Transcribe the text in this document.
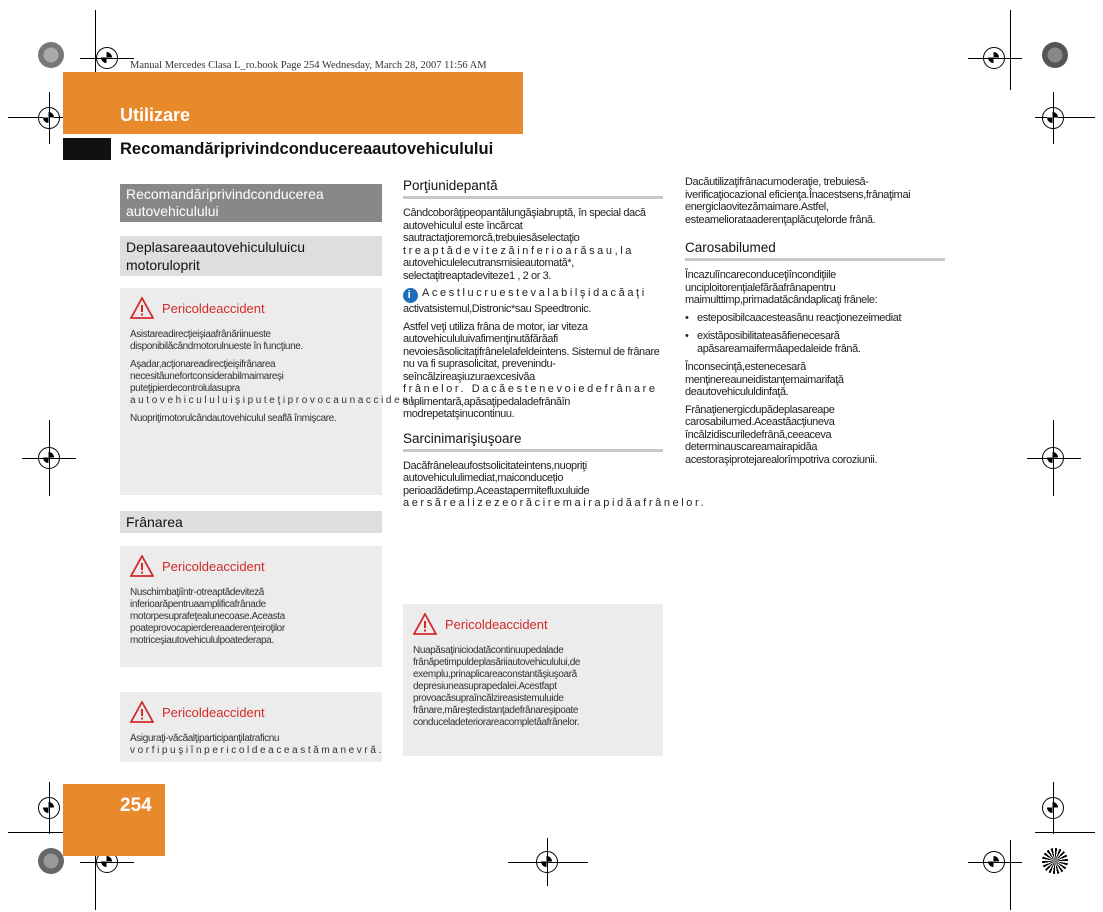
Manual Mercedes Clasa L_ro.book Page 254 Wednesday, March 28, 2007 11:56 AM
Utilizare
Recomandăriprivindconducereaautovehiculului
Recomandăriprivindconducerea autovehiculului
Deplasareaautovehicululuicu motoruloprit
Pericoldeaccident

Asistareadirecţieişiaafrânăriinueste disponibilăcândmotorulnueste în funcţiune.

Aşadar,acţionareadirecţieişifrânarea necesităunefortconsiderabilmaimareşi puteţipierdecontrolulasupra

autovehicululuişiputeţiprovocaunaccident.

Nuopriţimotorulcândautovehiculul seaflă înmişcare.

Frânarea
Pericoldeaccident

Nuschimbaţiîntr-otreaptădeviteză inferioarăpentruaamplificafrânade motorpesuprafeţealunecoase.Aceasta poateprovocapierdereaaderenţeiroţilor motriceşiautovehicululpoatederapa.

Pericoldeaccident

Asiguraţi-văcăalţiparticipanţilatraficnu

vorfipuşiînpericoldeaceastămanevră.

Porţiunidepantă

Cândcoborâţipeopantălungăşiabruptă, în special dacă autovehiculul este încărcat sautractaţioremorcă,trebuiesăselectaţio

treaptădevitezăinferioarăsau,la

autovehiculelecutransmisieautomată*, selectaţitreaptadeviteze1 , 2 or 3.

i Acestlucruestevalabilşidacăaţi

activatsistemul,Distronic*sau Speedtronic.

Astfel veţi utiliza frâna de motor, iar viteza autovehicululuivafimenţinutăfărăafi nevoiesăsolicitaţifrânelelafeldeintens. Sistemul de frânare nu va fi suprasolicitat, prevenindu-seîncălzireaşiuzuraexcesivăa

frânelor. Dacăestenevoiedefrânare

suplimentară,apăsaţipedaladefrânăîn modrepetatşinucontinuu.

Sarcinimarişiuşoare

Dacăfrâneleaufostsolicitateintens,nuopriţi autovehicululimediat,maiconducețio perioadădetimp.Aceastapermitefluxuluide

aersărealizezeorăciremairapidăafrânelor.

Pericoldeaccident

Nuapăsaţiniciodatăcontinuupedalade frânăpetimpuldeplasăriiautovehiculului,de exemplu,prinaplicareaconstantăşiuşoară depresiuneasuprapedalei.Acestfapt provoacăsupraîncălzireasistemuluide frânare,măreştedistanţadefrânareşipoate conduceladeteriorareacompletăafrânelor.

Dacăutilizaţifrânacumoderaţie, trebuiesă-iverificaţiocazional eficienţa.Înacestsens,frânaţimai energiclaovitezămaimare.Astfel, esteameliorataaderenţaplăcuţelorde frână.

Carosabilumed

Încazulîncareconduceţiîncondiţiile unciploitorenţialefărăafrânapentru maimulttimp,primadatăcândaplicaţi frânele:

• esteposibilcaacesteasănu reacţionezeimediat
• existăposibilitateasăfienecesară apăsareamaifermăapedaleide frână.

Înconsecinţă,estenecesară menţinereauneidistanţemaimarifaţă deautovehicululdinfaţă.

Frânaţienergicdupădeplasareape carosabilumed.Aceastăacţiuneva încălzidiscuriledefrână,ceeaceva determinauscareamairapidăa acestoraşiprotejarealorîmpotriva coroziunii.

254
